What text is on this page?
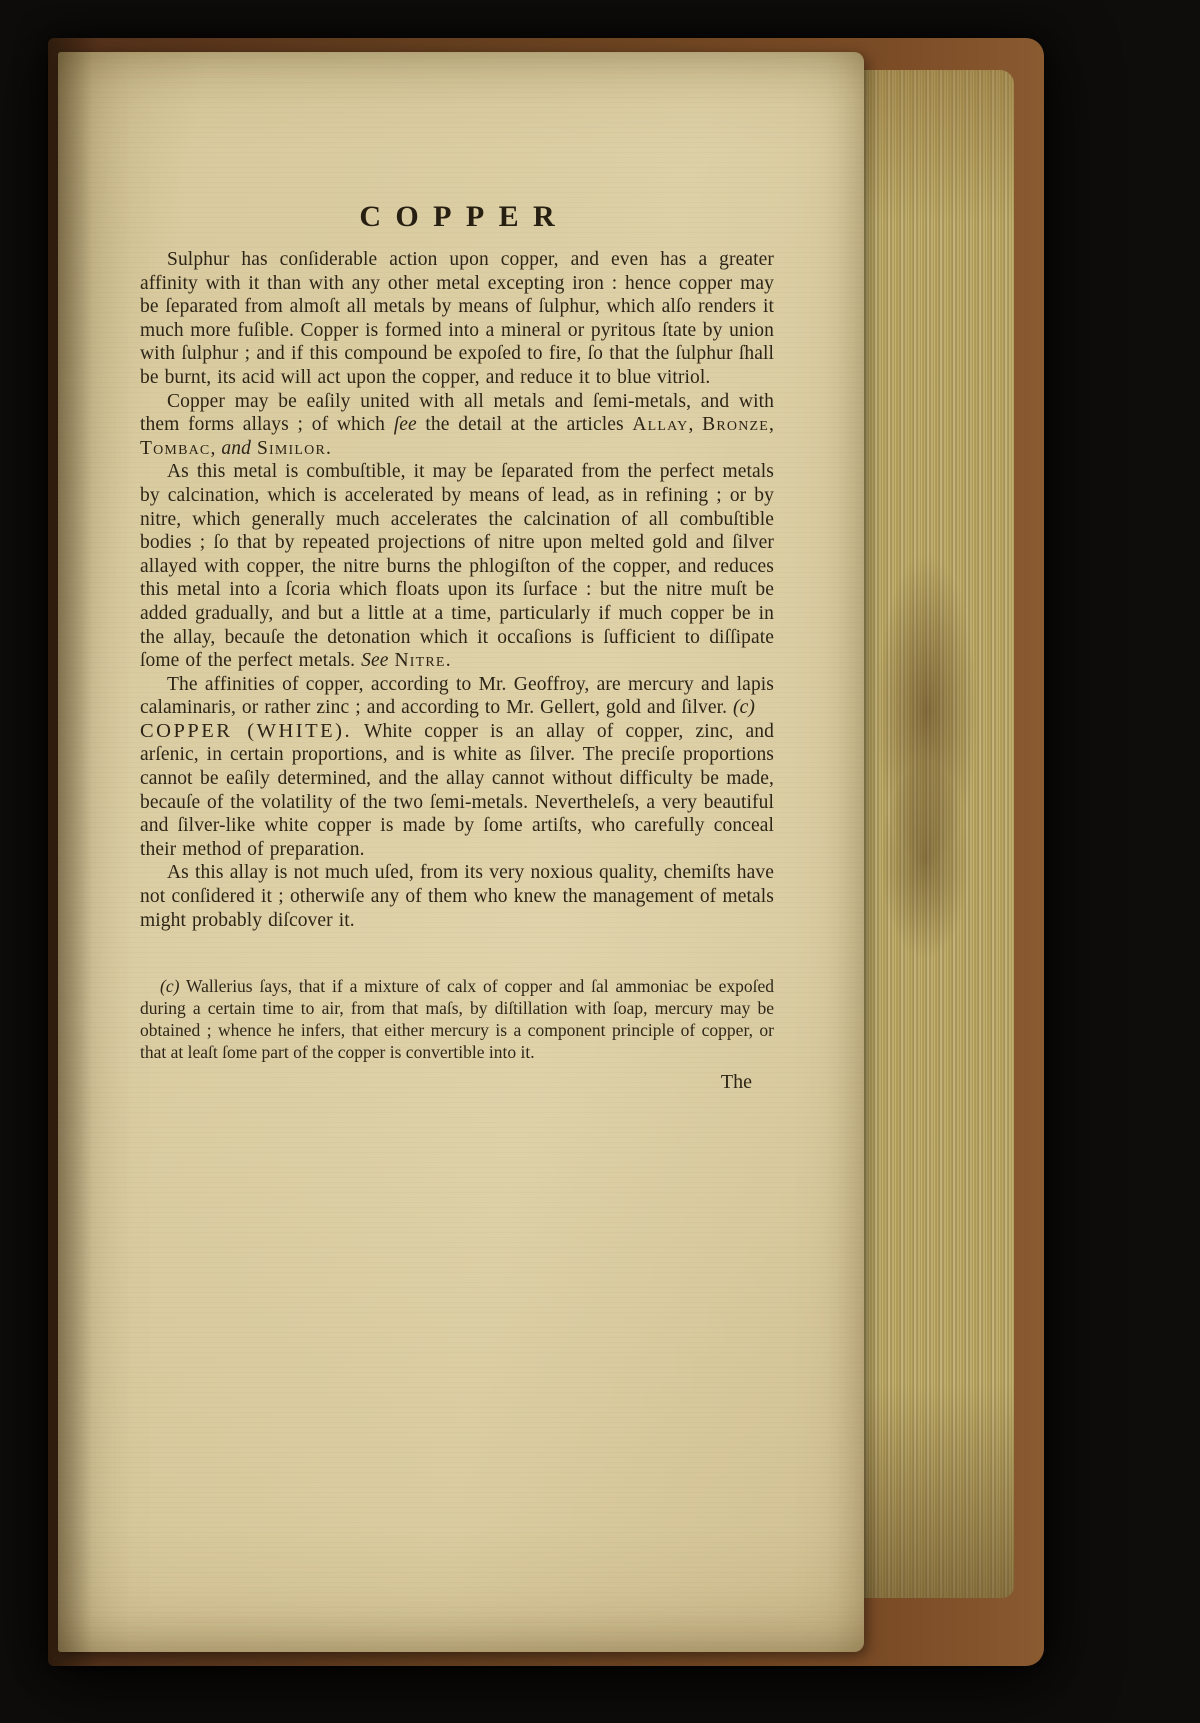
COPPER

Sulphur has conſiderable action upon copper, and even has a greater affinity with it than with any other metal excepting iron : hence copper may be ſeparated from almoſt all metals by means of ſulphur, which alſo renders it much more fuſible. Copper is formed into a mineral or pyritous ſtate by union with ſulphur ; and if this compound be expoſed to fire, ſo that the ſulphur ſhall be burnt, its acid will act upon the copper, and reduce it to blue vitriol.

Copper may be eaſily united with all metals and ſemi-metals, and with them forms allays ; of which ſee the detail at the articles Allay, Bronze, Tombac, and Similor.

As this metal is combuſtible, it may be ſeparated from the perfect metals by calcination, which is accelerated by means of lead, as in refining ; or by nitre, which generally much accelerates the calcination of all combuſtible bodies ; ſo that by repeated projections of nitre upon melted gold and ſilver allayed with copper, the nitre burns the phlogiſton of the copper, and reduces this metal into a ſcoria which floats upon its ſurface : but the nitre muſt be added gradually, and but a little at a time, particularly if much copper be in the allay, becauſe the detonation which it occaſions is ſufficient to diſſipate ſome of the perfect metals. See Nitre.

The affinities of copper, according to Mr. Geoffroy, are mercury and lapis calaminaris, or rather zinc ; and according to Mr. Gellert, gold and ſilver. (c)

COPPER (WHITE). White copper is an allay of copper, zinc, and arſenic, in certain proportions, and is white as ſilver. The preciſe proportions cannot be eaſily determined, and the allay cannot without difficulty be made, becauſe of the volatility of the two ſemi-metals. Nevertheleſs, a very beautiful and ſilver-like white copper is made by ſome artiſts, who carefully conceal their method of preparation.

As this allay is not much uſed, from its very noxious quality, chemiſts have not conſidered it ; otherwiſe any of them who knew the management of metals might probably diſcover it.

(c) Wallerius ſays, that if a mixture of calx of copper and ſal ammoniac be expoſed during a certain time to air, from that maſs, by diſtillation with ſoap, mercury may be obtained ; whence he infers, that either mercury is a component principle of copper, or that at leaſt ſome part of the copper is convertible into it.

The
